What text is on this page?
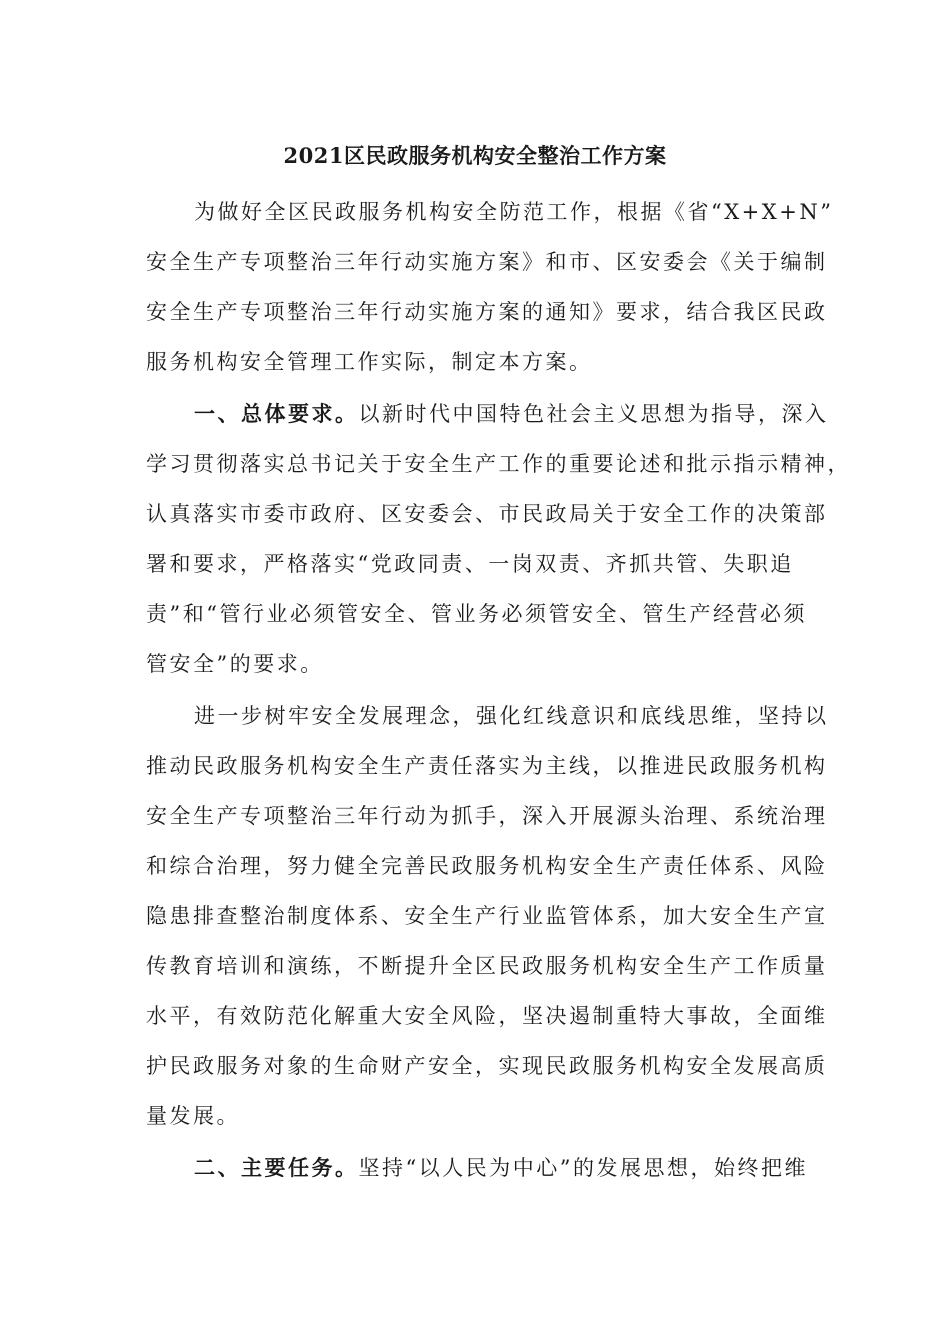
2021区民政服务机构安全整治工作方案
为做好全区民政服务机构安全防范工作，根据《省“X+X+N”
安全生产专项整治三年行动实施方案》和市、区安委会《关于编制
安全生产专项整治三年行动实施方案的通知》要求，结合我区民政
服务机构安全管理工作实际，制定本方案。
一、总体要求。以新时代中国特色社会主义思想为指导，深入
学习贯彻落实总书记关于安全生产工作的重要论述和批示指示精神，
认真落实市委市政府、区安委会、市民政局关于安全工作的决策部
署和要求，严格落实“党政同责、一岗双责、齐抓共管、失职追
责”和“管行业必须管安全、管业务必须管安全、管生产经营必须
管安全”的要求。
进一步树牢安全发展理念，强化红线意识和底线思维，坚持以
推动民政服务机构安全生产责任落实为主线，以推进民政服务机构
安全生产专项整治三年行动为抓手，深入开展源头治理、系统治理
和综合治理，努力健全完善民政服务机构安全生产责任体系、风险
隐患排查整治制度体系、安全生产行业监管体系，加大安全生产宣
传教育培训和演练，不断提升全区民政服务机构安全生产工作质量
水平，有效防范化解重大安全风险，坚决遏制重特大事故，全面维
护民政服务对象的生命财产安全，实现民政服务机构安全发展高质
量发展。
二、主要任务。坚持“以人民为中心”的发展思想，始终把维
